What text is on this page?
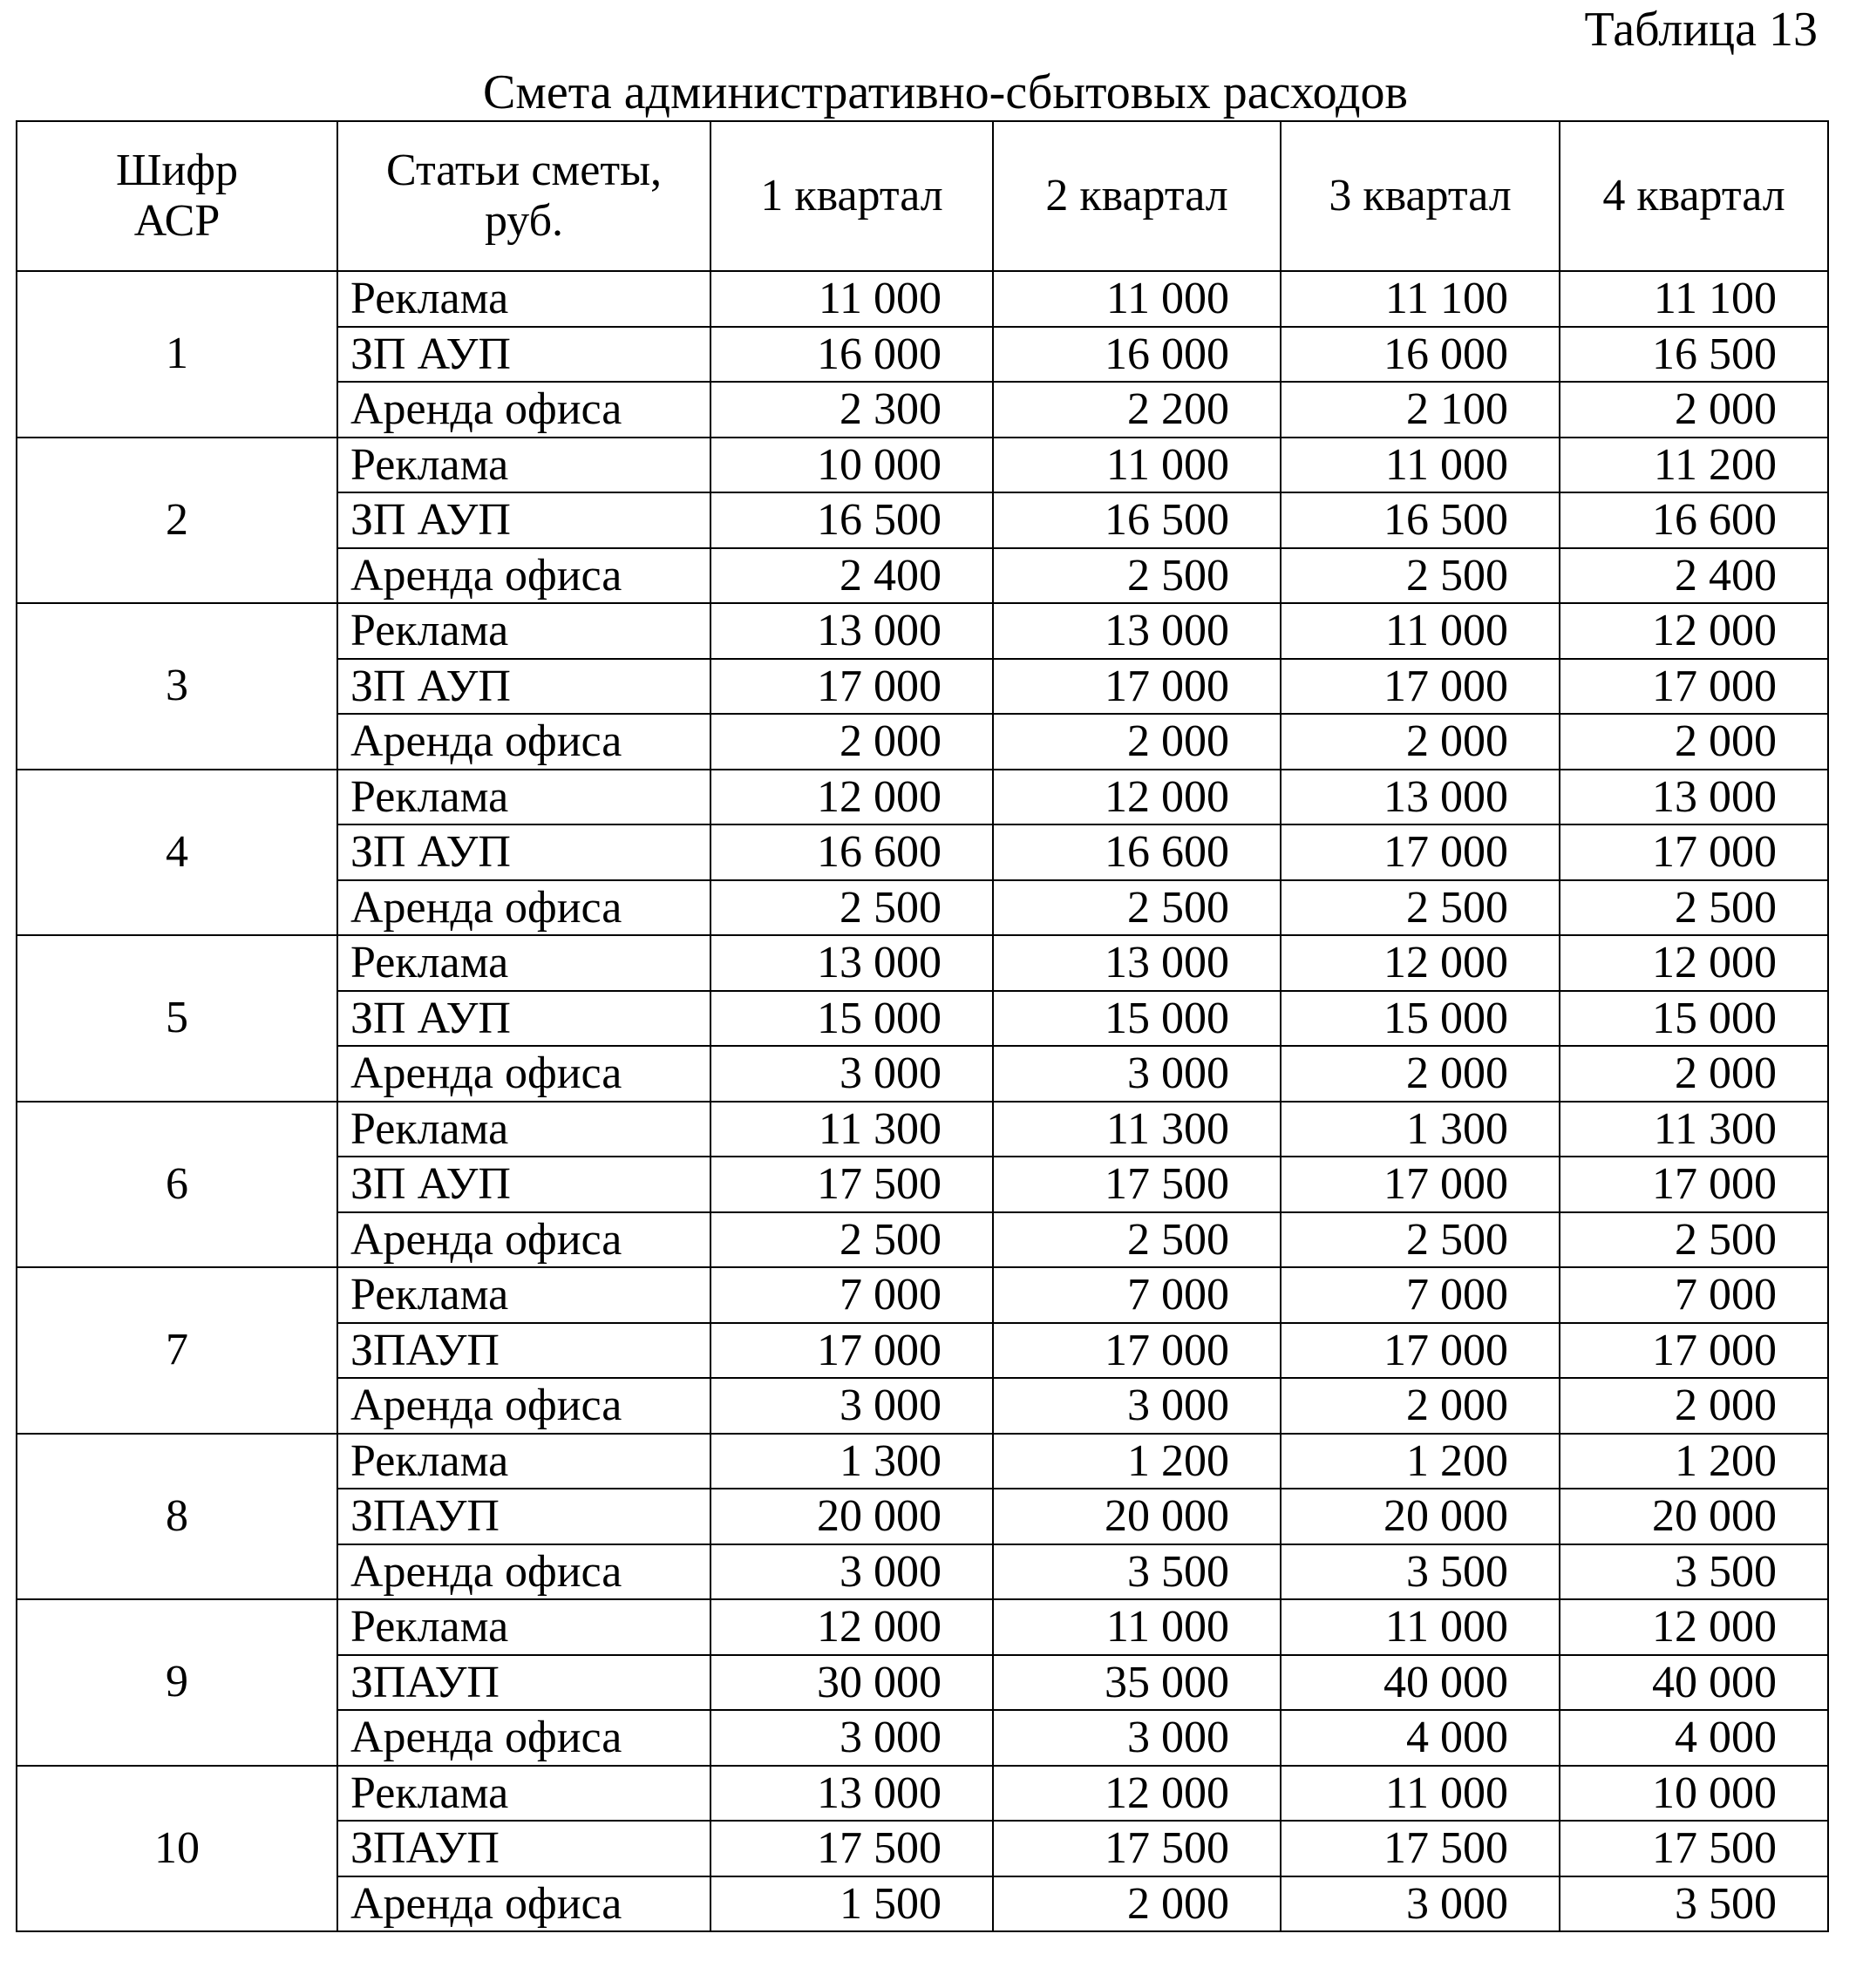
Таблица 13

Смета административно-сбытовых расходов

Шифр АСР	Статьи сметы, руб.	1 квартал	2 квартал	3 квартал	4 квартал
1	Реклама	11 000	11 000	11 100	11 100
	ЗП АУП	16 000	16 000	16 000	16 500
	Аренда офиса	2 300	2 200	2 100	2 000
2	Реклама	10 000	11 000	11 000	11 200
	ЗП АУП	16 500	16 500	16 500	16 600
	Аренда офиса	2 400	2 500	2 500	2 400
3	Реклама	13 000	13 000	11 000	12 000
	ЗП АУП	17 000	17 000	17 000	17 000
	Аренда офиса	2 000	2 000	2 000	2 000
4	Реклама	12 000	12 000	13 000	13 000
	ЗП АУП	16 600	16 600	17 000	17 000
	Аренда офиса	2 500	2 500	2 500	2 500
5	Реклама	13 000	13 000	12 000	12 000
	ЗП АУП	15 000	15 000	15 000	15 000
	Аренда офиса	3 000	3 000	2 000	2 000
6	Реклама	11 300	11 300	1 300	11 300
	ЗП АУП	17 500	17 500	17 000	17 000
	Аренда офиса	2 500	2 500	2 500	2 500
7	Реклама	7 000	7 000	7 000	7 000
	ЗПАУП	17 000	17 000	17 000	17 000
	Аренда офиса	3 000	3 000	2 000	2 000
8	Реклама	1 300	1 200	1 200	1 200
	ЗПАУП	20 000	20 000	20 000	20 000
	Аренда офиса	3 000	3 500	3 500	3 500
9	Реклама	12 000	11 000	11 000	12 000
	ЗПАУП	30 000	35 000	40 000	40 000
	Аренда офиса	3 000	3 000	4 000	4 000
10	Реклама	13 000	12 000	11 000	10 000
	ЗПАУП	17 500	17 500	17 500	17 500
	Аренда офиса	1 500	2 000	3 000	3 500
